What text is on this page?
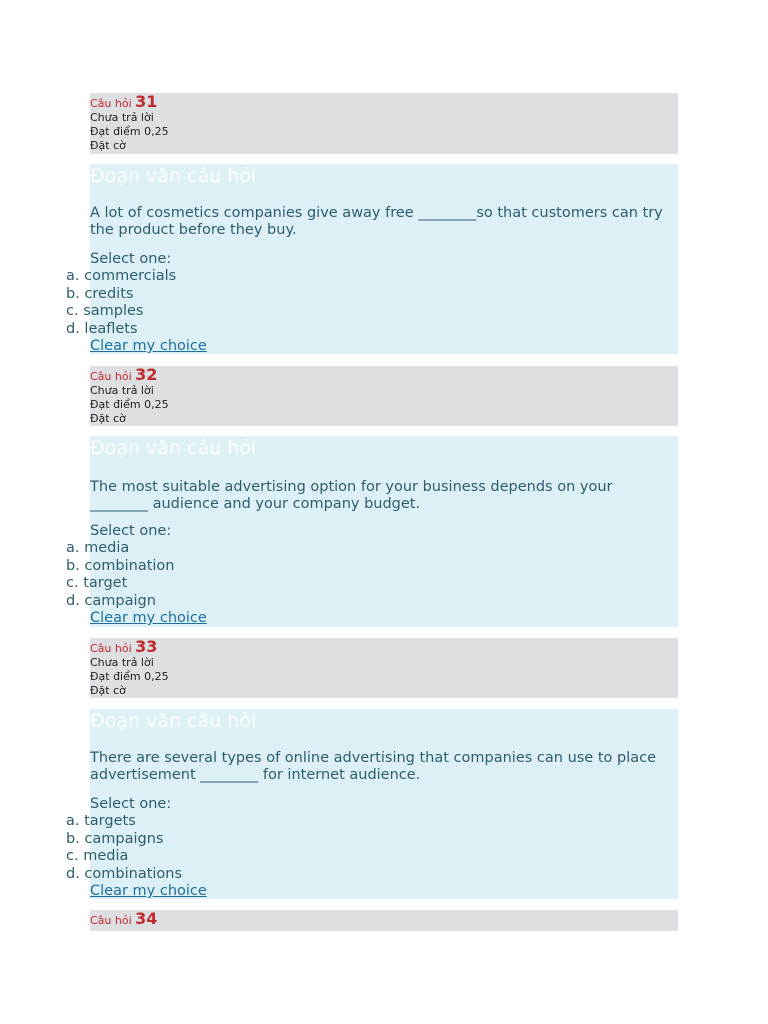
Câu hỏi 31
Chưa trả lời
Đạt điểm 0,25
Đặt cờ
Đoạn văn câu hỏi
A lot of cosmetics companies give away free ________so that customers can try the product before they buy.
Select one:
a. commercials
b. credits
c. samples
d. leaflets
Clear my choice
Câu hỏi 32
Chưa trả lời
Đạt điểm 0,25
Đặt cờ
Đoạn văn câu hỏi
The most suitable advertising option for your business depends on your ________ audience and your company budget.
Select one:
a. media
b. combination
c. target
d. campaign
Clear my choice
Câu hỏi 33
Chưa trả lời
Đạt điểm 0,25
Đặt cờ
Đoạn văn câu hỏi
There are several types of online advertising that companies can use to place advertisement ________ for internet audience.
Select one:
a. targets
b. campaigns
c. media
d. combinations
Clear my choice
Câu hỏi 34
